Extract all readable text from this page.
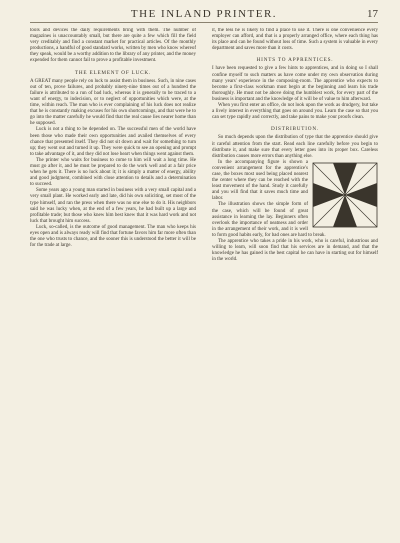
THE INLAND PRINTER.	17

tools and devices the daily requirements bring with them. The number of magazines is unaccountably small, but there are quite a few which fill the field very creditably and find a constant market for practical articles. Of the monthly productions, a handful of good standard works, written by men who know whereof they speak, would be a worthy addition to the library of any printer, and the money expended for them cannot fail to prove a profitable investment.

THE ELEMENT OF LUCK.

A GREAT many people rely on luck to assist them in business. Such, in nine cases out of ten, prove failures, and probably ninety-nine times out of a hundred the failure is attributed to a run of bad luck, whereas it is generally to be traced to a want of energy, to indecision, or to neglect of opportunities which were, at the time, within reach. The man who is ever complaining of his luck does not realize that he is constantly making excuses for his own shortcomings, and that were he to go into the matter carefully he would find that the real cause lies nearer home than he supposed.

Luck is not a thing to be depended on. The successful men of the world have been those who made their own opportunities and availed themselves of every chance that presented itself. They did not sit down and wait for something to turn up; they went out and turned it up. They were quick to see an opening and prompt to take advantage of it, and they did not lose heart when things went against them.

The printer who waits for business to come to him will wait a long time. He must go after it, and he must be prepared to do the work well and at a fair price when he gets it. There is no luck about it; it is simply a matter of energy, ability and good judgment, combined with close attention to details and a determination to succeed.

Some years ago a young man started in business with a very small capital and a very small plant. He worked early and late, did his own soliciting, set most of the type himself, and ran the press when there was no one else to do it. His neighbors said he was lucky when, at the end of a few years, he had built up a large and profitable trade; but those who knew him best knew that it was hard work and not luck that brought him success.

Luck, so-called, is the outcome of good management. The man who keeps his eyes open and is always ready will find that fortune favors him far more often than the one who trusts to chance, and the sooner this is understood the better it will be for the trade at large.

it, the less he is likely to find a place to use it. There is one convenience every employer can afford, and that is a properly arranged office, where each thing has its place and can be found without loss of time. Such a system is valuable in every department and saves more than it costs.

HINTS TO APPRENTICES.

I have been requested to give a few hints to apprentices, and in doing so I shall confine myself to such matters as have come under my own observation during many years' experience in the composing-room. The apprentice who expects to become a first-class workman must begin at the beginning and learn his trade thoroughly. He must not be above doing the humblest work, for every part of the business is important and the knowledge of it will be of value to him afterward.

When you first enter an office, do not look upon the work as drudgery, but take a lively interest in everything that goes on around you. Learn the case so that you can set type rapidly and correctly, and take pains to make your proofs clean.

DISTRIBUTION.

So much depends upon the distribution of type that the apprentice should give it careful attention from the start. Read each line carefully before you begin to distribute it, and make sure that every letter goes into its proper box. Careless distribution causes more errors than anything else.

In the accompanying figure is shown a convenient arrangement for the apprentice's case, the boxes most used being placed nearest the center where they can be reached with the least movement of the hand. Study it carefully and you will find that it saves much time and labor.

The illustration shows the simple form of the case, which will be found of great assistance in learning the lay. Beginners often overlook the importance of neatness and order in the arrangement of their work, and it is well to form good habits early, for bad ones are hard to break.

The apprentice who takes a pride in his work, who is careful, industrious and willing to learn, will soon find that his services are in demand, and that the knowledge he has gained is the best capital he can have in starting out for himself in the world.
